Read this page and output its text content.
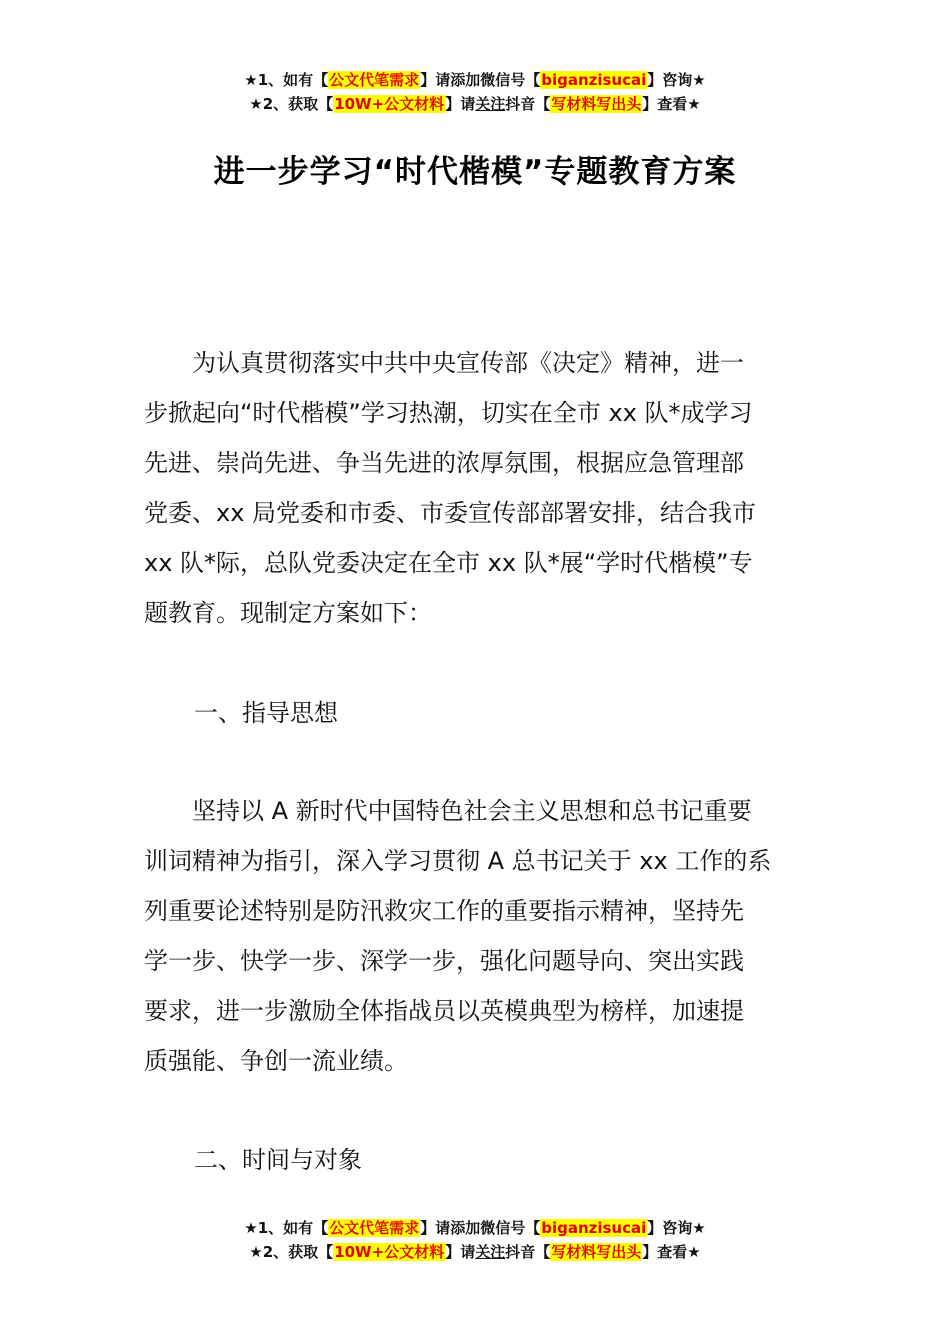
★1、如有【公文代笔需求】请添加微信号【biganzisucai】咨询★
★2、获取【10W+公文材料】请关注抖音【写材料写出头】查看★
进一步学习“时代楷模”专题教育方案
为认真贯彻落实中共中央宣传部《决定》精神，进一
步掀起向“时代楷模”学习热潮，切实在全市 xx 队*成学习
先进、崇尚先进、争当先进的浓厚氛围，根据应急管理部
党委、xx 局党委和市委、市委宣传部部署安排，结合我市
xx 队*际，总队党委决定在全市 xx 队*展“学时代楷模”专
题教育。现制定方案如下：
一、指导思想
坚持以 A 新时代中国特色社会主义思想和总书记重要
训词精神为指引，深入学习贯彻 A 总书记关于 xx 工作的系
列重要论述特别是防汛救灾工作的重要指示精神，坚持先
学一步、快学一步、深学一步，强化问题导向、突出实践
要求，进一步激励全体指战员以英模典型为榜样，加速提
质强能、争创一流业绩。
二、时间与对象
★1、如有【公文代笔需求】请添加微信号【biganzisucai】咨询★
★2、获取【10W+公文材料】请关注抖音【写材料写出头】查看★
